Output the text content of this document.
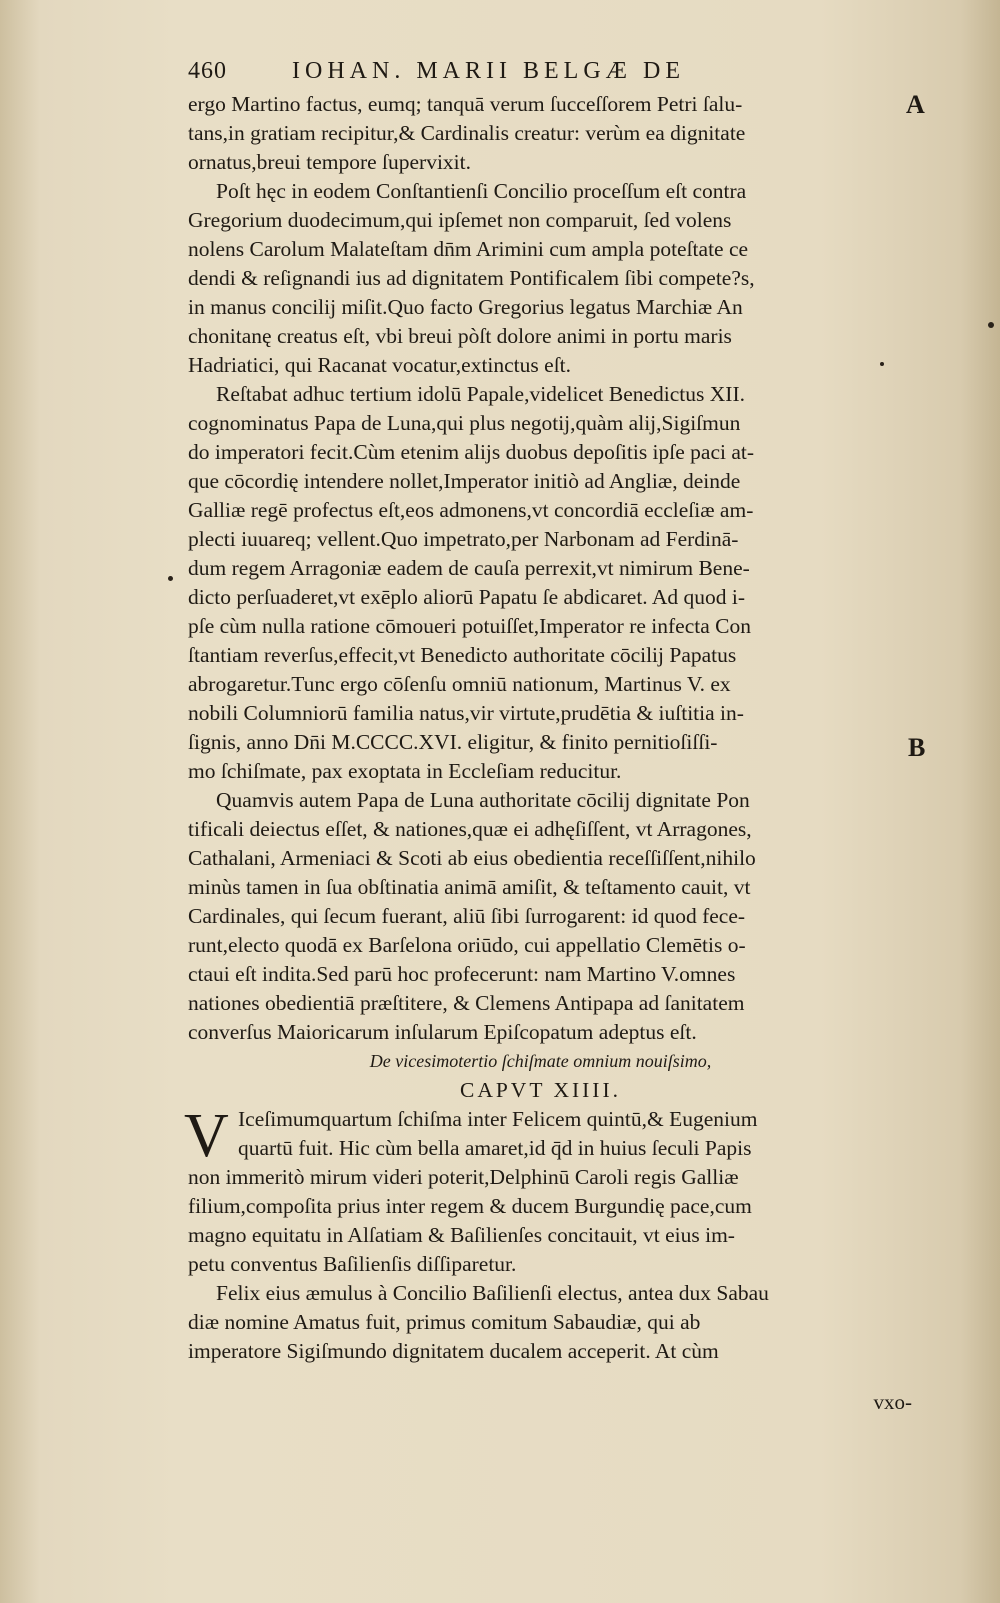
460	IOHAN. MARII BELGÆ DE
A
B
ergo Martino factus, eumq; tanquā verum ſucceſſorem Petri ſalu-
tans,in gratiam recipitur,& Cardinalis creatur: verùm ea dignitate
ornatus,breui tempore ſupervixit.
Poſt hęc in eodem Conſtantienſi Concilio proceſſum eſt contra
Gregorium duodecimum,qui ipſemet non comparuit, ſed volens
nolens Carolum Malateſtam dn̄m Arimini cum ampla poteſtate ce
dendi & reſignandi ius ad dignitatem Pontificalem ſibi compete?s,
in manus concilij miſit.Quo facto Gregorius legatus Marchiæ An
chonitanę creatus eſt, vbi breui pòſt dolore animi in portu maris
Hadriatici, qui Racanat vocatur,extinctus eſt.
Reſtabat adhuc tertium idolū Papale,videlicet Benedictus XII.
cognominatus Papa de Luna,qui plus negotij,quàm alij,Sigiſmun
do imperatori fecit.Cùm etenim alijs duobus depoſitis ipſe paci at-
que cōcordię intendere nollet,Imperator initiò ad Angliæ, deinde
Galliæ regē profectus eſt,eos admonens,vt concordiā eccleſiæ am-
plecti iuuareq; vellent.Quo impetrato,per Narbonam ad Ferdinā-
dum regem Arragoniæ eadem de cauſa perrexit,vt nimirum Bene-
dicto perſuaderet,vt exēplo aliorū Papatu ſe abdicaret. Ad quod i-
pſe cùm nulla ratione cōmoueri potuiſſet,Imperator re infecta Con
ſtantiam reverſus,effecit,vt Benedicto authoritate cōcilij Papatus
abrogaretur.Tunc ergo cōſenſu omniū nationum, Martinus V. ex
nobili Columniorū familia natus,vir virtute,prudētia & iuſtitia in-
ſignis, anno Dn̄i M.CCCC.XVI. eligitur, & finito pernitioſiſſi-
mo ſchiſmate, pax exoptata in Eccleſiam reducitur.
Quamvis autem Papa de Luna authoritate cōcilij dignitate Pon
tificali deiectus eſſet, & nationes,quæ ei adhęſiſſent, vt Arragones,
Cathalani, Armeniaci & Scoti ab eius obedientia receſſiſſent,nihilo
minùs tamen in ſua obſtinatia animā amiſit, & teſtamento cauit, vt
Cardinales, qui ſecum fuerant, aliū ſibi ſurrogarent: id quod fece-
runt,electo quodā ex Barſelona oriūdo, cui appellatio Clemētis o-
ctaui eſt indita.Sed parū hoc profecerunt: nam Martino V.omnes
nationes obedientiā præſtitere, & Clemens Antipapa ad ſanitatem
converſus Maioricarum inſularum Epiſcopatum adeptus eſt.
De vicesimotertio ſchiſmate omnium nouiſsimo,
CAPVT XIIII.
V Iceſimumquartum ſchiſma inter Felicem quintū,& Eugenium
quartū fuit. Hic cùm bella amaret,id q̄d in huius ſeculi Papis
non immeritò mirum videri poterit,Delphinū Caroli regis Galliæ
filium,compoſita prius inter regem & ducem Burgundię pace,cum
magno equitatu in Alſatiam & Baſilienſes concitauit, vt eius im-
petu conventus Baſilienſis diſſiparetur.
Felix eius æmulus à Concilio Baſilienſi electus, antea dux Sabau
diæ nomine Amatus fuit, primus comitum Sabaudiæ, qui ab
imperatore Sigiſmundo dignitatem ducalem acceperit. At cùm
vxo-
